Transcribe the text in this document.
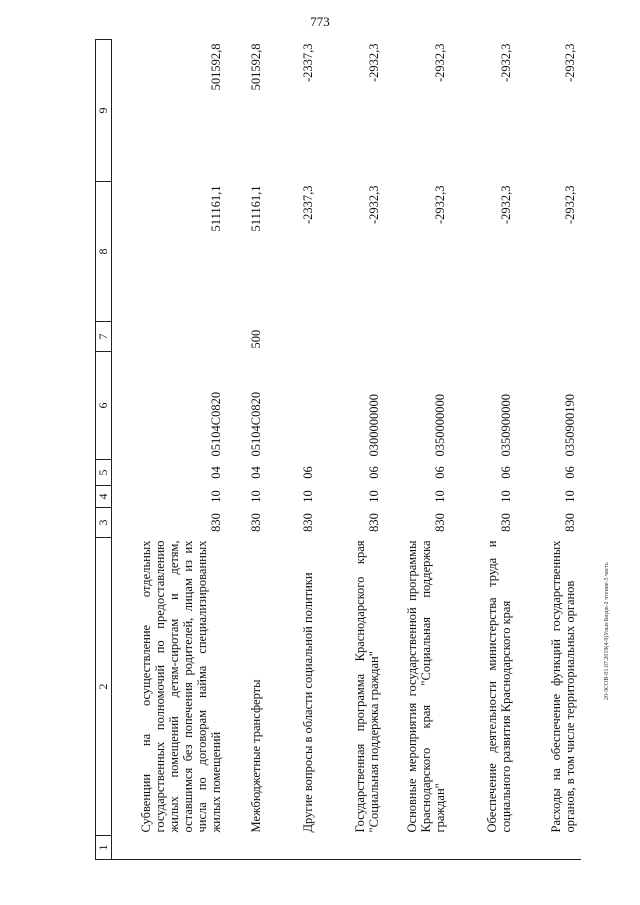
773
1	2	3	4	5	6	7	8	9
	Субвенции на осуществление отдельных государственных полномочий по предоставлению жилых помещений детям-сиротам и детям, оставшимся без попечения родителей, лицам из их числа по договорам найма специализированных жилых помещений	830	10	04	05104C0820		511161,1	501592,8
	Межбюджетные трансферты	830	10	04	05104C0820	500	511161,1	501592,8
	Другие вопросы в области социальной политики	830	10	06			-2337,3	-2337,3
	Государственная программа Краснодарского края "Социальная поддержка граждан"	830	10	06	0300000000		-2932,3	-2932,3
	Основные мероприятия государственной программы Краснодарского края "Социальная поддержка граждан"	830	10	06	0350000000		-2932,3	-2932,3
	Обеспечение деятельности министерства труда и социального развития Краснодарского края	830	10	06	0350900000		-2932,3	-2932,3
	Расходы на обеспечение функций государственных органов, в том числе территориальных органов	830	10	06	0350900190		-2932,3	-2932,3
20-ЗСОВ-01.07.2019(4-9)Ульи-Бюдж-2 чтение-5 часть
